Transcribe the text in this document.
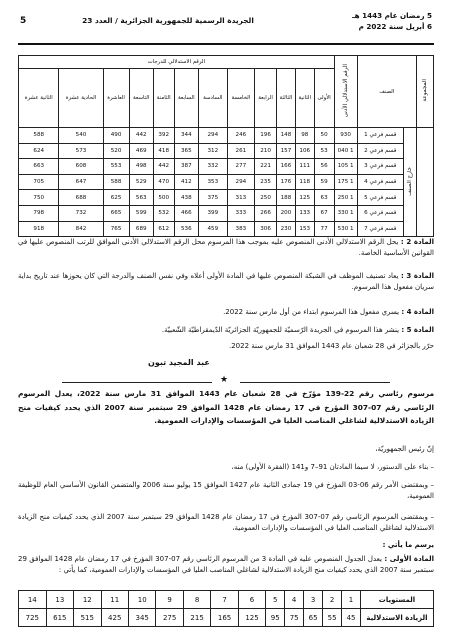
5 رمضان عام 1443 هـ
6 أبريل سنة 2022 م
الجريدة الرسمية للجمهورية الجزائرية / العدد 23
5
المجموعة	الصنف		الرقم الاستدلالي الأدنى	الرقم الاستدلالي للدرجات											
				الأولى	الثانية	الثالثة	الرابعة	الخامسة	السادسة	السابعة	الثامنة	التاسعة	العاشرة	الحادية عشرة	الثانية عشرة
	خارج الصنف	قسم فرعي 1	930	50	98	148	196	246	294	344	392	442	490	540	588
		قسم فرعي 2	1 040	53	106	157	210	261	312	365	418	469	520	573	624
		قسم فرعي 3	1 105	56	111	166	221	277	332	387	442	498	553	608	663
		قسم فرعي 4	1 175	59	118	176	235	294	353	412	470	529	588	647	705
		قسم فرعي 5	1 250	63	125	188	250	313	375	438	500	563	625	688	750
		قسم فرعي 6	1 330	67	133	200	266	333	399	466	532	599	665	732	798
		قسم فرعي 7	1 530	77	153	230	306	383	459	536	612	689	765	842	918
المادة 2 : يحل الرقم الاستدلالي الأدنى المنصوص عليه بموجب هذا المرسوم محل الرقم الاستدلالي الأدنى الموافق للرتب المنصوص عليها في القوانين الأساسية الخاصة.
المادة 3 : يعاد تصنيف الموظف في الشبكة المنصوص عليها في المادة الأولى أعلاه وفي نفس الصنف والدرجة التي كان يحوزها عند تاريخ بداية سريان مفعول هذا المرسوم.
المادة 4 : يسري مفعول هذا المرسوم ابتداء من أول مارس سنة 2022.
المادة 5 : ينشر هذا المرسوم في الجريدة الرّسميّة للجمهوريّة الجزائريّة الدّيمقراطيّة الشّعبيّة.
حرّر بالجزائر في 28 شعبان عام 1443 الموافق 31 مارس سنة 2022.
عبد المجيد تبون
★
مرسوم رئاسي رقم 22-139 مؤرّخ في 28 شعبان عام 1443 الموافق 31 مارس سنة 2022، يعدل المرسوم الرئاسي رقم 07-307 المؤرخ في 17 رمضان عام 1428 الموافق 29 سبتمبر سنة 2007 الذي يحدد كيفيات منح الزيادة الاستدلالية لشاغلي المناصب العليا في المؤسسات والإدارات العمومية.
إنّ رئيس الجمهوريّة،
– بناء على الدستور، لا سيما المادتان 91–7 و141 (الفقرة الأولى) منه،
– وبمقتضى الأمر رقم 06-03 المؤرخ في 19 جمادى الثانية عام 1427 الموافق 15 يوليو سنة 2006 والمتضمن القانون الأساسي العام للوظيفة العمومية،
– وبمقتضى المرسوم الرئاسي رقم 07-307 المؤرخ في 17 رمضان عام 1428 الموافق 29 سبتمبر سنة 2007 الذي يحدد كيفيات منح الزيادة الاستدلالية لشاغلي المناصب العليا في المؤسسات والإدارات العمومية،
يرسم ما يأتي :
المادة الأولى : يعدل الجدول المنصوص عليه في المادة 3 من المرسوم الرئاسي رقم 07-307 المؤرخ في 17 رمضان عام 1428 الموافق 29 سبتمبر سنة 2007 الذي يحدد كيفيات منح الزيادة الاستدلالية لشاغلي المناصب العليا في المؤسسات والإدارات العمومية، كما يأتي :
المستويات	1	2	3	4	5	6	7	8	9	10	11	12	13	14
الزيادة الاستدلالية	45	55	65	75	95	125	165	215	275	345	425	515	615	725
